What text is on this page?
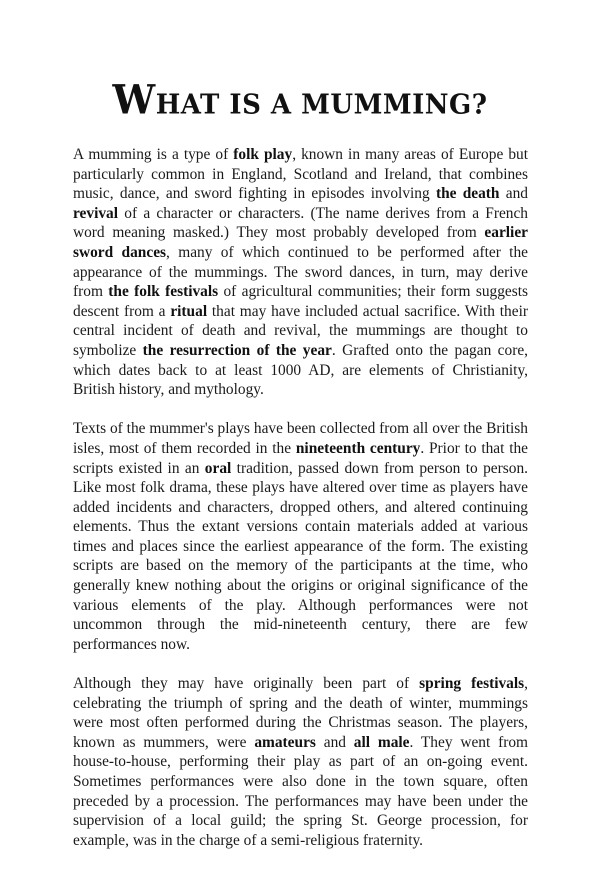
WHAT IS A MUMMING?

A mumming is a type of folk play, known in many areas of Europe but particularly common in England, Scotland and Ireland, that combines music, dance, and sword fighting in episodes involving the death and revival of a character or characters. (The name derives from a French word meaning masked.) They most probably developed from earlier sword dances, many of which continued to be performed after the appearance of the mummings. The sword dances, in turn, may derive from the folk festivals of agricultural communities; their form suggests descent from a ritual that may have included actual sacrifice. With their central incident of death and revival, the mummings are thought to symbolize the resurrection of the year. Grafted onto the pagan core, which dates back to at least 1000 AD, are elements of Christianity, British history, and mythology.

Texts of the mummer's plays have been collected from all over the British isles, most of them recorded in the nineteenth century. Prior to that the scripts existed in an oral tradition, passed down from person to person. Like most folk drama, these plays have altered over time as players have added incidents and characters, dropped others, and altered continuing elements. Thus the extant versions contain materials added at various times and places since the earliest appearance of the form. The existing scripts are based on the memory of the participants at the time, who generally knew nothing about the origins or original significance of the various elements of the play. Although performances were not uncommon through the mid-nineteenth century, there are few performances now.

Although they may have originally been part of spring festivals, celebrating the triumph of spring and the death of winter, mummings were most often performed during the Christmas season. The players, known as mummers, were amateurs and all male. They went from house-to-house, performing their play as part of an on-going event. Sometimes performances were also done in the town square, often preceded by a procession. The performances may have been under the supervision of a local guild; the spring St. George procession, for example, was in the charge of a semi-religious fraternity.
